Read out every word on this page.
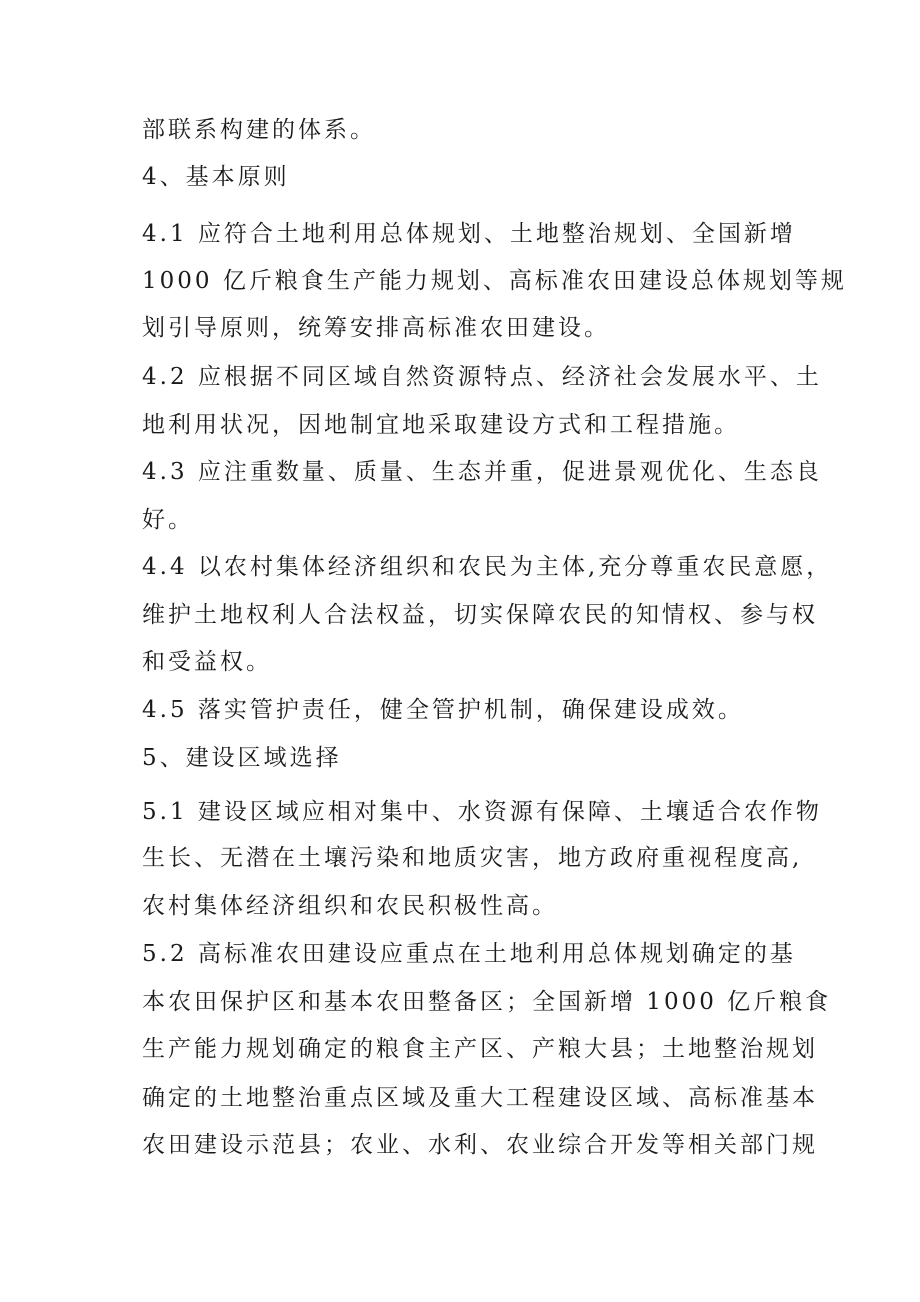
部联系构建的体系。
4、基本原则
4.1 应符合土地利用总体规划、土地整治规划、全国新增
1000 亿斤粮食生产能力规划、高标准农田建设总体规划等规
划引导原则，统筹安排高标准农田建设。
4.2 应根据不同区域自然资源特点、经济社会发展水平、土
地利用状况，因地制宜地采取建设方式和工程措施。
4.3 应注重数量、质量、生态并重，促进景观优化、生态良
好。
4.4 以农村集体经济组织和农民为主体,充分尊重农民意愿，
维护土地权利人合法权益，切实保障农民的知情权、参与权
和受益权。
4.5 落实管护责任，健全管护机制，确保建设成效。
5、建设区域选择
5.1 建设区域应相对集中、水资源有保障、土壤适合农作物
生长、无潜在土壤污染和地质灾害，地方政府重视程度高,
农村集体经济组织和农民积极性高。
5.2 高标准农田建设应重点在土地利用总体规划确定的基
本农田保护区和基本农田整备区；全国新增 1000 亿斤粮食
生产能力规划确定的粮食主产区、产粮大县；土地整治规划
确定的土地整治重点区域及重大工程建设区域、高标准基本
农田建设示范县；农业、水利、农业综合开发等相关部门规
